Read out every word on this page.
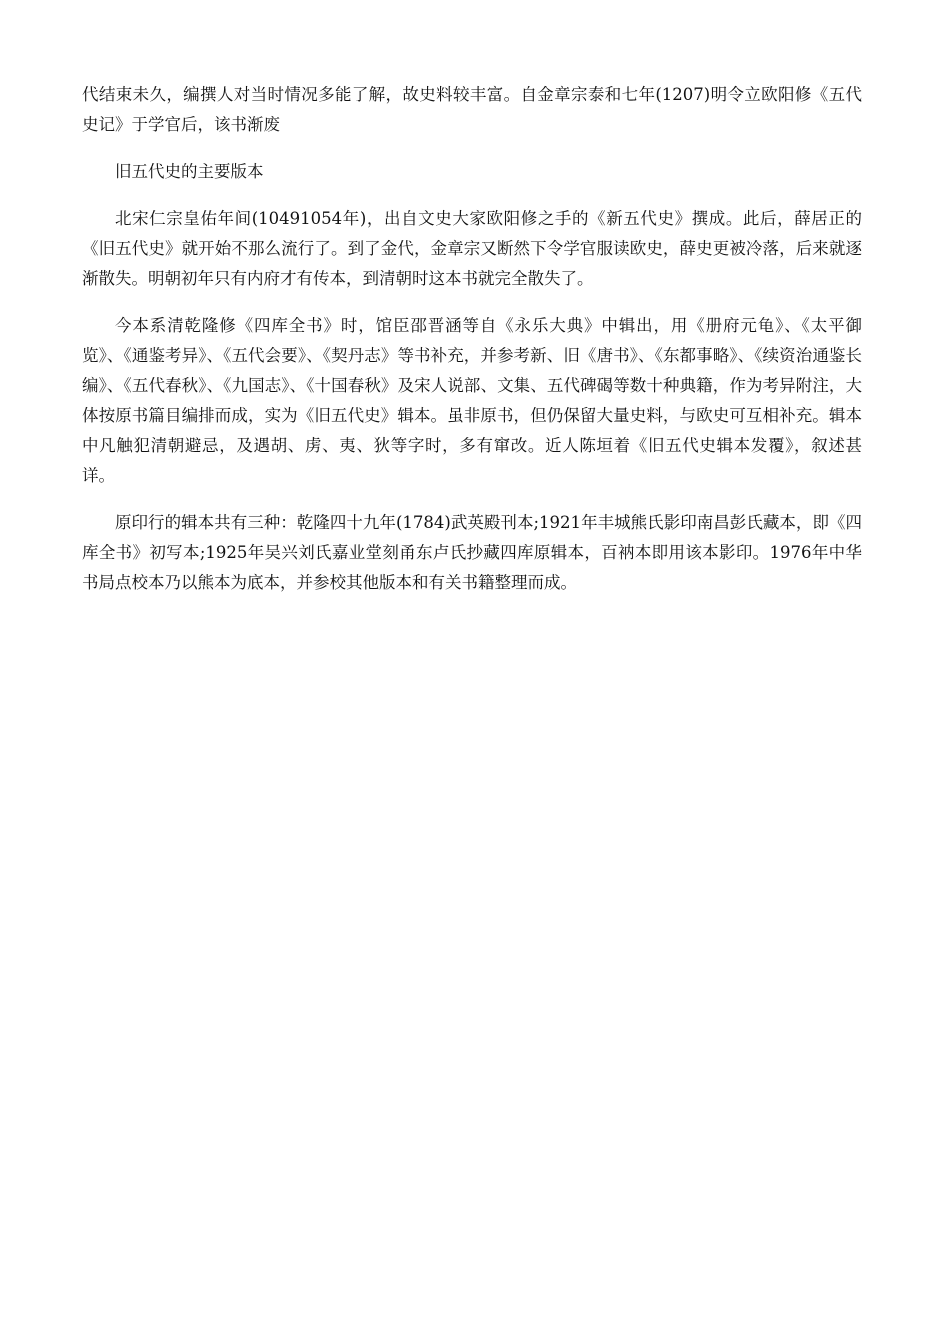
代结束未久，编撰人对当时情况多能了解，故史料较丰富。自金章宗泰和七年(1207)明令立欧阳修《五代史记》于学官后，该书渐废

旧五代史的主要版本

北宋仁宗皇佑年间(10491054年)，出自文史大家欧阳修之手的《新五代史》撰成。此后，薛居正的《旧五代史》就开始不那么流行了。到了金代，金章宗又断然下令学官服读欧史，薛史更被冷落，后来就逐渐散失。明朝初年只有内府才有传本，到清朝时这本书就完全散失了。

今本系清乾隆修《四库全书》时，馆臣邵晋涵等自《永乐大典》中辑出，用《册府元龟》、《太平御览》、《通鉴考异》、《五代会要》、《契丹志》等书补充，并参考新、旧《唐书》、《东都事略》、《续资治通鉴长编》、《五代春秋》、《九国志》、《十国春秋》及宋人说部、文集、五代碑碣等数十种典籍，作为考异附注，大体按原书篇目编排而成，实为《旧五代史》辑本。虽非原书，但仍保留大量史料，与欧史可互相补充。辑本中凡触犯清朝避忌，及遇胡、虏、夷、狄等字时，多有窜改。近人陈垣着《旧五代史辑本发覆》，叙述甚详。

原印行的辑本共有三种：乾隆四十九年(1784)武英殿刊本;1921年丰城熊氏影印南昌彭氏藏本，即《四库全书》初写本;1925年吴兴刘氏嘉业堂刻甬东卢氏抄藏四库原辑本，百衲本即用该本影印。1976年中华书局点校本乃以熊本为底本，并参校其他版本和有关书籍整理而成。
